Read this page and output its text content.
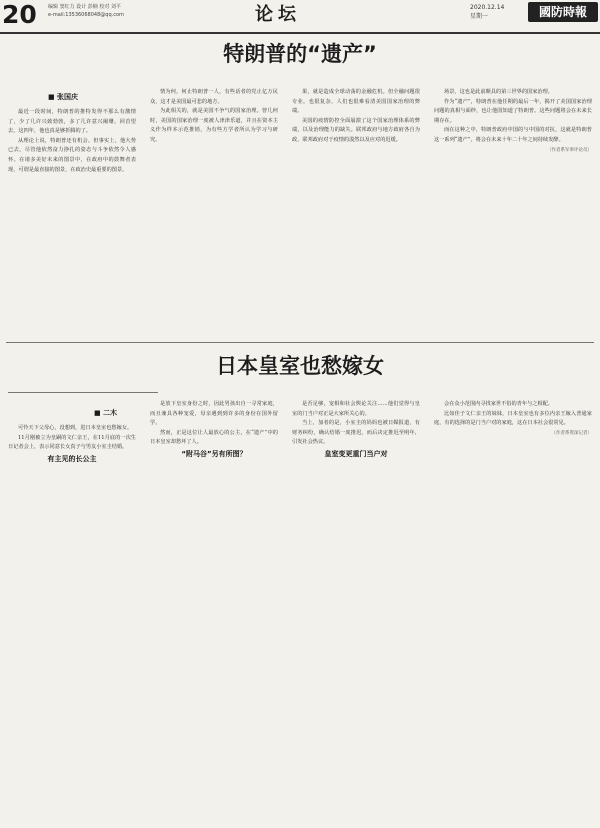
20 编辑 窦红力 设计 彭楠 校对 刘平
e-mail:13536068048@qq.com	论坛	2020.12.14
星期一	國防時報
特朗普的“遗产”
■ 张国庆

最近一段时间，特朗普的推特发得不那么有激情了，少了几许兴致勃勃，多了几许意兴阑珊。回首望去，这四年，他也真是够折腾的了。

从理论上说，特朗普还有机会。但事实上，他大势已去，尽管他依然奋力挣扎的姿态与斗争依然令人感怀。在诸多美好未来的图景中，在政府中的鼓舞者表现，可谓是最直接的图景，在政治史最重要的图景。

情为何，何止特朗普一人，有些话者的党止亿万民众，这才是美国最可悲的地方。

为此相关的，就是美国不争气的国家治理。曾几何时，美国的国家治理一度被人津津乐道，并且在资本主义作为样本示范推销，为有些方学者所认为学习与研究。

果，就是造成全球动荡的金融危机。但全融问题很专业，也很复杂，人们也很难看清美国国家治理的弊端。

美国的疫情防控全面崩溃了这个国家治理体系的弊端，以及治理能力的缺失。联邦政府与地方政府各自为政，联邦政府对于疫情的漠然以及应对的迟缓。

场景，这也是此前颇具的第三世界的国家治理。

作为“遗产”，特朗普在他任期的最后一年，揭开了美国国家治理问题的真相与面纱，也让他国知道了特朗普。这些问题将会在未来长期存在。

而在这种之中，特朗普政府中国的与中国的对抗，这就是特朗普这一系列“遗产”，将会在未来十年二十年之间持续发酵。

（作者系军事评论员）
日本皇室也愁嫁女
■ 二木

可怜天下父母心，没想到，进日本皇室也愁嫁女。

11月刚被立为皇嗣的文仁亲王，在11月底的一次生日记者会上，表示同意长女真子与男友小室圭结婚。

有主见的长公主

是放下皇室身份之时，因此男孩出自一寻常家庭，而且兼具各种宠爱，母亲遇到到许多的身份在国外留学。

然而，正是这位让人最放心的公主，在“遗产”中的日本皇室却愁坏了人。

“附马谷”另有所图？

是否足够，宠相和社会舆论关注……他们觉得与皇室的门当户对正是大家所关心的。

当上，加者的是，小室圭的妈妈也被日媒报道，有财务纠纷，确认结婚一度推迟，而后决定推迟至明年，引发社会热议。

皇室变更重门当户对

会在众小范围内寻找家世不俗的青年与之相配。

比如佳子文仁亲王的妹妹，日本皇室也有多位内亲王嫁入普通家庭，有的选择的是门当户对的家庭，这在日本社会很常见。

（作者系资深记者）
